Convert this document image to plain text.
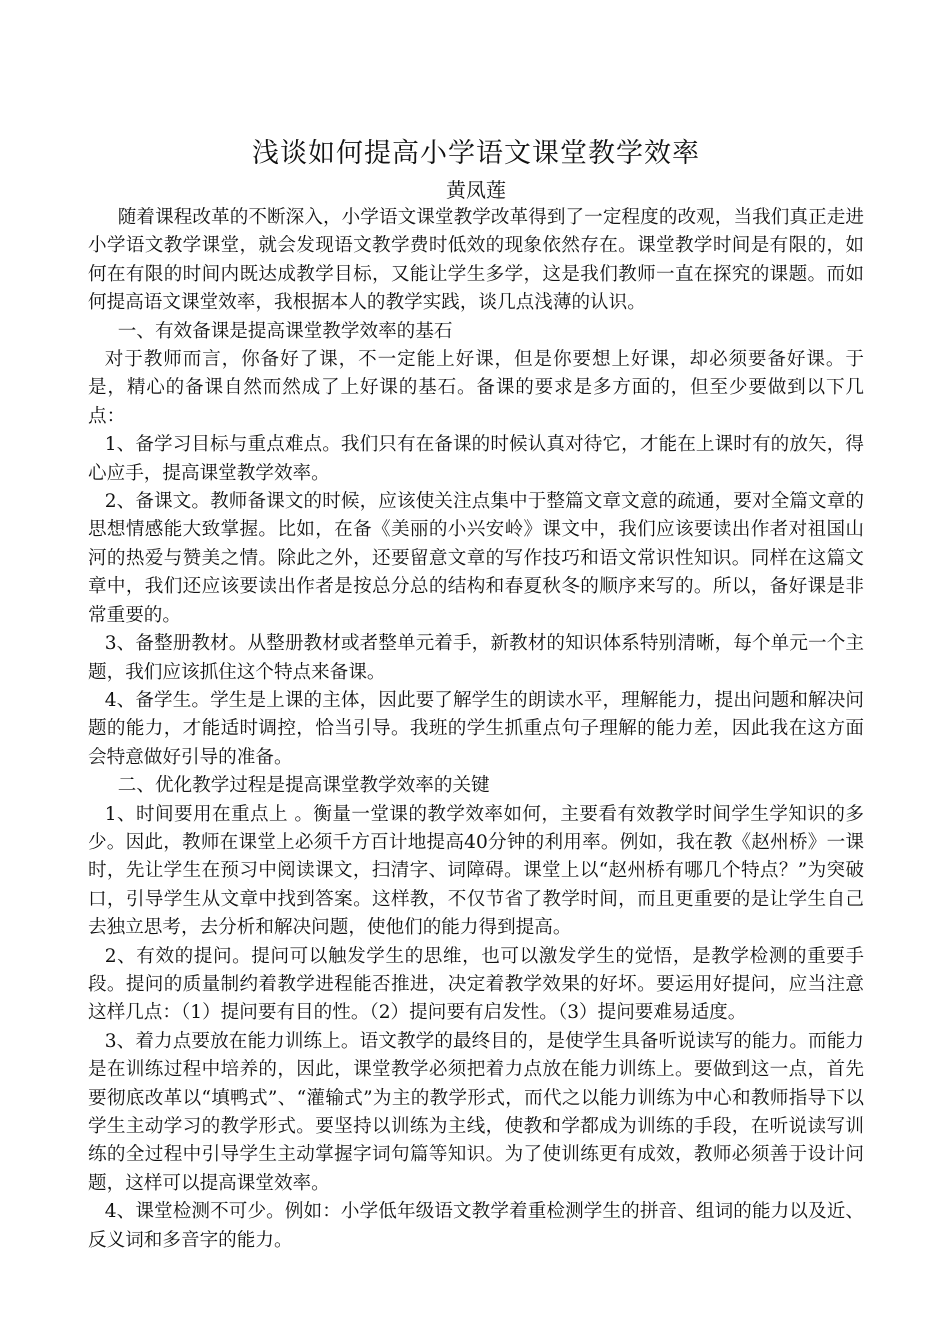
浅谈如何提高小学语文课堂教学效率

黄凤莲

随着课程改革的不断深入，小学语文课堂教学改革得到了一定程度的改观，当我们真正走进小学语文教学课堂，就会发现语文教学费时低效的现象依然存在。课堂教学时间是有限的，如何在有限的时间内既达成教学目标，又能让学生多学，这是我们教师一直在探究的课题。而如何提高语文课堂效率，我根据本人的教学实践，谈几点浅薄的认识。

一、有效备课是提高课堂教学效率的基石

对于教师而言，你备好了课，不一定能上好课，但是你要想上好课，却必须要备好课。于是，精心的备课自然而然成了上好课的基石。备课的要求是多方面的，但至少要做到以下几点：

1、备学习目标与重点难点。我们只有在备课的时候认真对待它，才能在上课时有的放矢，得心应手，提高课堂教学效率。

2、备课文。教师备课文的时候，应该使关注点集中于整篇文章文意的疏通，要对全篇文章的思想情感能大致掌握。比如，在备《美丽的小兴安岭》课文中，我们应该要读出作者对祖国山河的热爱与赞美之情。除此之外，还要留意文章的写作技巧和语文常识性知识。同样在这篇文章中，我们还应该要读出作者是按总分总的结构和春夏秋冬的顺序来写的。所以，备好课是非常重要的。

3、备整册教材。从整册教材或者整单元着手，新教材的知识体系特别清晰，每个单元一个主题，我们应该抓住这个特点来备课。

4、备学生。学生是上课的主体，因此要了解学生的朗读水平，理解能力，提出问题和解决问题的能力，才能适时调控，恰当引导。我班的学生抓重点句子理解的能力差，因此我在这方面会特意做好引导的准备。

二、优化教学过程是提高课堂教学效率的关键

1、时间要用在重点上 。衡量一堂课的教学效率如何，主要看有效教学时间学生学知识的多少。因此，教师在课堂上必须千方百计地提高40分钟的利用率。例如，我在教《赵州桥》一课时，先让学生在预习中阅读课文，扫清字、词障碍。课堂上以“赵州桥有哪几个特点？”为突破口，引导学生从文章中找到答案。这样教，不仅节省了教学时间，而且更重要的是让学生自己去独立思考，去分析和解决问题，使他们的能力得到提高。

2、有效的提问。提问可以触发学生的思维，也可以激发学生的觉悟，是教学检测的重要手段。提问的质量制约着教学进程能否推进，决定着教学效果的好坏。要运用好提问，应当注意这样几点：（1）提问要有目的性。（2）提问要有启发性。（3）提问要难易适度。

3、着力点要放在能力训练上。语文教学的最终目的，是使学生具备听说读写的能力。而能力是在训练过程中培养的，因此，课堂教学必须把着力点放在能力训练上。要做到这一点，首先要彻底改革以“填鸭式”、“灌输式”为主的教学形式，而代之以能力训练为中心和教师指导下以学生主动学习的教学形式。要坚持以训练为主线，使教和学都成为训练的手段，在听说读写训练的全过程中引导学生主动掌握字词句篇等知识。为了使训练更有成效，教师必须善于设计问题，这样可以提高课堂效率。

4、课堂检测不可少。例如：小学低年级语文教学着重检测学生的拼音、组词的能力以及近、反义词和多音字的能力。
